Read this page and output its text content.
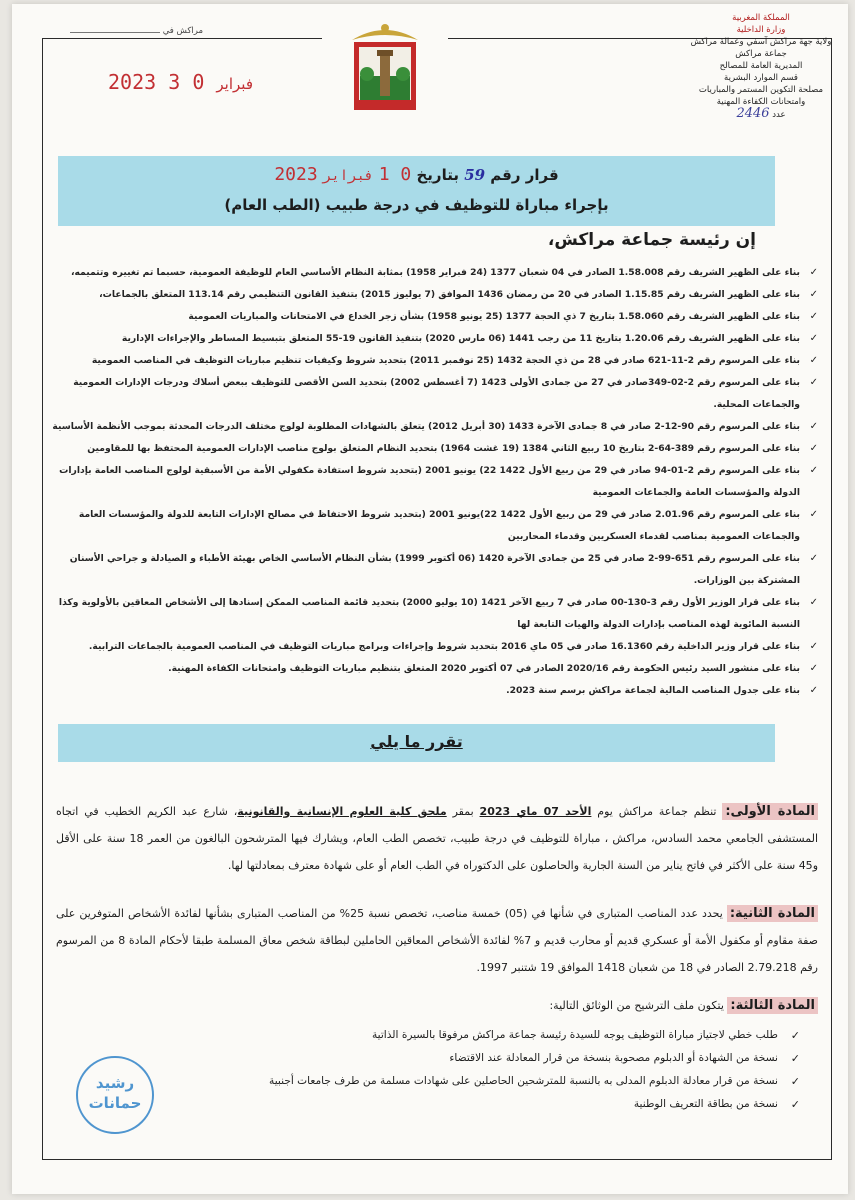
مراكش في
2023	فبراير 0 3
المملكة المغربية
وزارة الداخلية
ولاية جهة مراكش آسفي وعمالة مراكش
جماعة مراكش
المديرية العامة للمصالح
قسم الموارد البشرية
مصلحة التكوين المستمر والمباريات
وامتحانات الكفاءة المهنية
عدد 2446
قرار رقم 59 بتاريخ 0 1 فبراير 2023
بإجراء مباراة للتوظيف في درجة طبيب (الطب العام)
إن رئيسة جماعة مراكش،
✓
بناء على الظهير الشريف رقم 1.58.008 الصادر في 04 شعبان 1377 (24 فبراير 1958) بمثابة النظام الأساسي العام للوظيفة العمومية، حسبما تم تغييره وتتميمه،
✓
بناء على الظهير الشريف رقم 1.15.85 الصادر في 20 من رمضان 1436 الموافق (7 يوليوز 2015) بتنفيذ القانون التنظيمي رقم 113.14 المتعلق بالجماعات،
✓
بناء على الظهير الشريف رقم 1.58.060 بتاريخ 7 ذي الحجة 1377 (25 يونيو 1958) بشأن زجر الخداع في الامتحانات والمباريات العمومية
✓
بناء على الظهير الشريف رقم 1.20.06 بتاريخ 11 من رجب 1441 (06 مارس 2020) بتنفيذ القانون 19-55 المتعلق بتبسيط المساطر والإجراءات الإدارية
✓
بناء على المرسوم رقم 2-11-621 صادر في 28 من ذي الحجة 1432 (25 نوفمبر 2011) بتحديد شروط وكيفيات تنظيم مباريات التوظيف في المناصب العمومية
✓
بناء على المرسوم رقم 2-02-349صادر في 27 من جمادى الأولى 1423 (7 أغسطس 2002) بتحديد السن الأقصى للتوظيف ببعض أسلاك ودرجات الإدارات العمومية والجماعات المحلية.
✓
بناء على المرسوم رقم 90-12-2 صادر في 8 جمادى الآخرة 1433 (30 أبريل 2012) يتعلق بالشهادات المطلوبة لولوج مختلف الدرجات المحدثة بموجب الأنظمة الأساسية
✓
بناء على المرسوم رقم 389-64-2 بتاريخ 10 ربيع الثاني 1384 (19 غشت 1964) بتحديد النظام المتعلق بولوج مناصب الإدارات العمومية المحتفظ بها للمقاومين
✓
بناء على المرسوم رقم 2-01-94 صادر في 29 من ربيع الأول 1422 22) يونيو 2001 (بتحديد شروط استفادة مكفولي الأمة من الأسبقية لولوج المناصب العامة بإدارات الدولة والمؤسسات العامة والجماعات العمومية
✓
بناء على المرسوم رقم 2.01.96 صادر في 29 من ربيع الأول 1422 22)يونيو 2001 (بتحديد شروط الاحتفاظ في مصالح الإدارات التابعة للدولة والمؤسسات العامة والجماعات العمومية بمناصب لقدماء العسكريين وقدماء المحاربين
✓
بناء على المرسوم رقم 651-99-2 صادر في 25 من جمادى الآخرة 1420 (06 أكتوبر 1999) بشأن النظام الأساسي الخاص بهيئة الأطباء و الصيادلة و جراحي الأسنان المشتركة بين الوزارات.
✓
بناء على قرار الوزير الأول رقم 3-130-00 صادر في 7 ربيع الآخر 1421 (10 يوليو 2000) بتحديد قائمة المناصب الممكن إسنادها إلى الأشخاص المعاقين بالأولوية وكذا النسبة المائوية لهذه المناصب بإدارات الدولة والهيات التابعة لها
✓
بناء على قرار وزير الداخلية رقم 16.1360 صادر في 05 ماي 2016 بتحديد شروط وإجراءات وبرامج مباريات التوظيف في المناصب العمومية بالجماعات الترابية.
✓
بناء على منشور السيد رئيس الحكومة رقم 2020/16 الصادر في 07 أكتوبر 2020 المتعلق بتنظيم مباريات التوظيف وامتحانات الكفاءة المهنية.
✓
بناء على جدول المناصب المالية لجماعة مراكش برسم سنة 2023.
تقرر ما يلي
المادة الأولى: تنظم جماعة مراكش يوم الأحد 07 ماي 2023 بمقر ملحق كلية العلوم الإنسانية والقانونية، شارع عبد الكريم الخطيب في اتجاه المستشفى الجامعي محمد السادس، مراكش ، مباراة للتوظيف في درجة طبيب، تخصص الطب العام، ويشارك فيها المترشحون البالغون من العمر 18 سنة على الأقل و45 سنة على الأكثر في فاتح يناير من السنة الجارية والحاصلون على الدكتوراه في الطب العام أو على شهادة معترف بمعادلتها لها.
المادة الثانية: يحدد عدد المناصب المتبارى في شأنها في (05) خمسة مناصب، تخصص نسبة 25% من المناصب المتبارى بشأنها لفائدة الأشخاص المتوفرين على صفة مقاوم أو مكفول الأمة أو عسكري قديم أو محارب قديم و 7% لفائدة الأشخاص المعاقين الحاملين لبطاقة شخص معاق المسلمة طبقا لأحكام المادة 8 من المرسوم رقم 2.79.218 الصادر في 18 من شعبان 1418 الموافق 19 شتنبر 1997.
المادة الثالثة: يتكون ملف الترشيح من الوثائق التالية:
✓
طلب خطي لاجتياز مباراة التوظيف يوجه للسيدة رئيسة جماعة مراكش مرفوقا بالسيرة الذاتية
✓
نسخة من الشهادة أو الدبلوم مصحوبة بنسخة من قرار المعادلة عند الاقتضاء
✓
نسخة من قرار معادلة الدبلوم المدلى به بالنسبة للمترشحين الحاصلين على شهادات مسلمة من طرف جامعات أجنبية
✓
نسخة من بطاقة التعريف الوطنية
رشيد
حمانات
